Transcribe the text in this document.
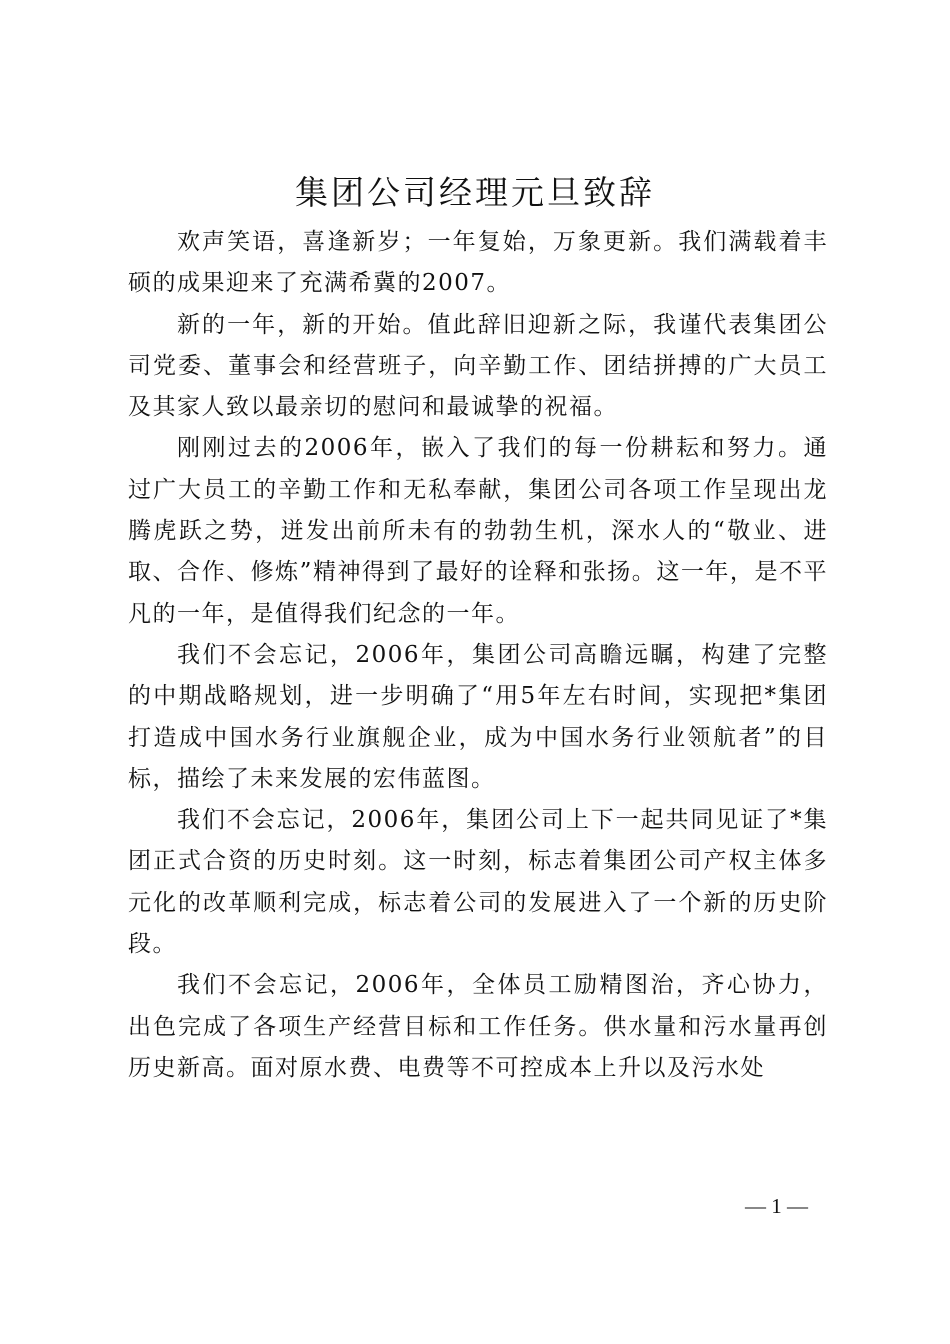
集团公司经理元旦致辞

欢声笑语，喜逢新岁；一年复始，万象更新。我们满载着丰硕的成果迎来了充满希冀的2007。

新的一年，新的开始。值此辞旧迎新之际，我谨代表集团公司党委、董事会和经营班子，向辛勤工作、团结拼搏的广大员工及其家人致以最亲切的慰问和最诚挚的祝福。

刚刚过去的2006年，嵌入了我们的每一份耕耘和努力。通过广大员工的辛勤工作和无私奉献，集团公司各项工作呈现出龙腾虎跃之势，迸发出前所未有的勃勃生机，深水人的“敬业、进取、合作、修炼”精神得到了最好的诠释和张扬。这一年，是不平凡的一年，是值得我们纪念的一年。

我们不会忘记，2006年，集团公司高瞻远瞩，构建了完整的中期战略规划，进一步明确了“用5年左右时间，实现把*集团打造成中国水务行业旗舰企业，成为中国水务行业领航者”的目标，描绘了未来发展的宏伟蓝图。

我们不会忘记，2006年，集团公司上下一起共同见证了*集团正式合资的历史时刻。这一时刻，标志着集团公司产权主体多元化的改革顺利完成，标志着公司的发展进入了一个新的历史阶段。

我们不会忘记，2006年，全体员工励精图治，齐心协力，出色完成了各项生产经营目标和工作任务。供水量和污水量再创历史新高。面对原水费、电费等不可控成本上升以及污水处

— 1 —
